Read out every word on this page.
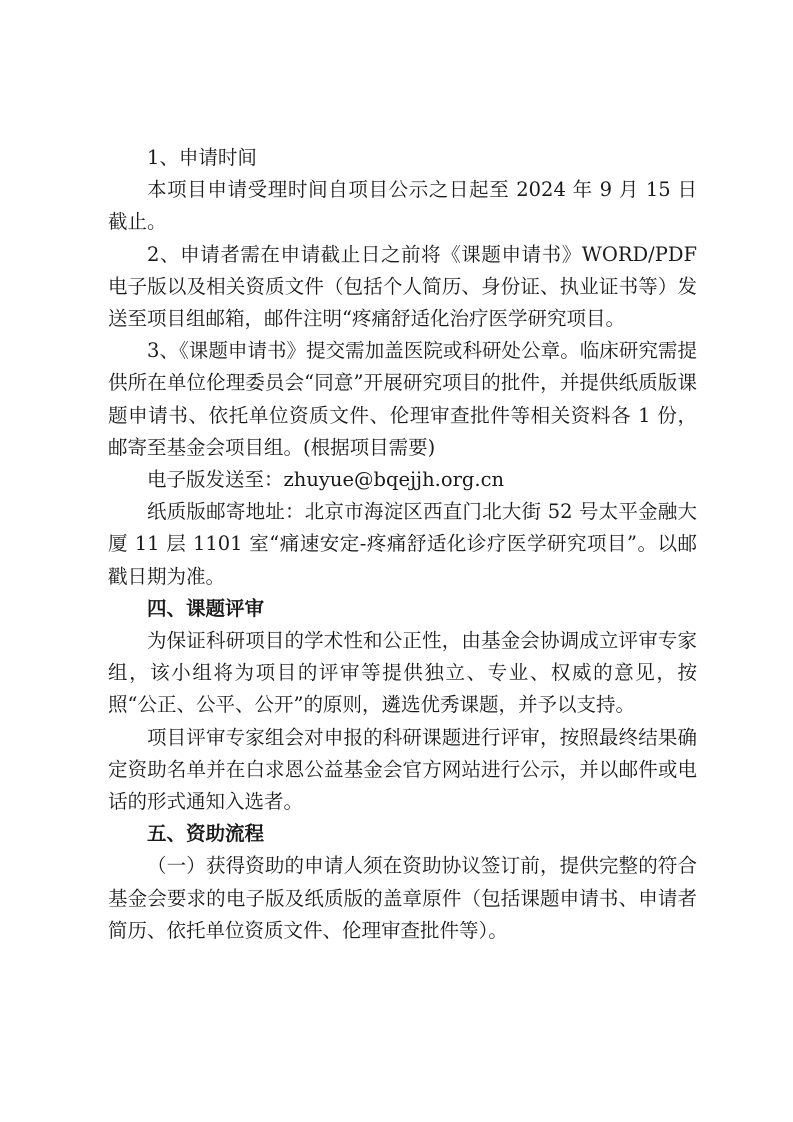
1、申请时间

本项目申请受理时间自项目公示之日起至 2024 年 9 月 15 日截止。

2、申请者需在申请截止日之前将《课题申请书》WORD/PDF 电子版以及相关资质文件（包括个人简历、身份证、执业证书等）发送至项目组邮箱，邮件注明“疼痛舒适化治疗医学研究项目。

3、《课题申请书》提交需加盖医院或科研处公章。临床研究需提供所在单位伦理委员会“同意”开展研究项目的批件，并提供纸质版课题申请书、依托单位资质文件、伦理审查批件等相关资料各 1 份，邮寄至基金会项目组。(根据项目需要)

电子版发送至：zhuyue@bqejjh.org.cn

纸质版邮寄地址：北京市海淀区西直门北大街 52 号太平金融大厦 11 层 1101 室“痛速安定-疼痛舒适化诊疗医学研究项目”。以邮戳日期为准。

四、课题评审

为保证科研项目的学术性和公正性，由基金会协调成立评审专家组，该小组将为项目的评审等提供独立、专业、权威的意见，按照“公正、公平、公开”的原则，遴选优秀课题，并予以支持。

项目评审专家组会对申报的科研课题进行评审，按照最终结果确定资助名单并在白求恩公益基金会官方网站进行公示，并以邮件或电话的形式通知入选者。

五、资助流程

（一）获得资助的申请人须在资助协议签订前，提供完整的符合基金会要求的电子版及纸质版的盖章原件（包括课题申请书、申请者简历、依托单位资质文件、伦理审查批件等）。
